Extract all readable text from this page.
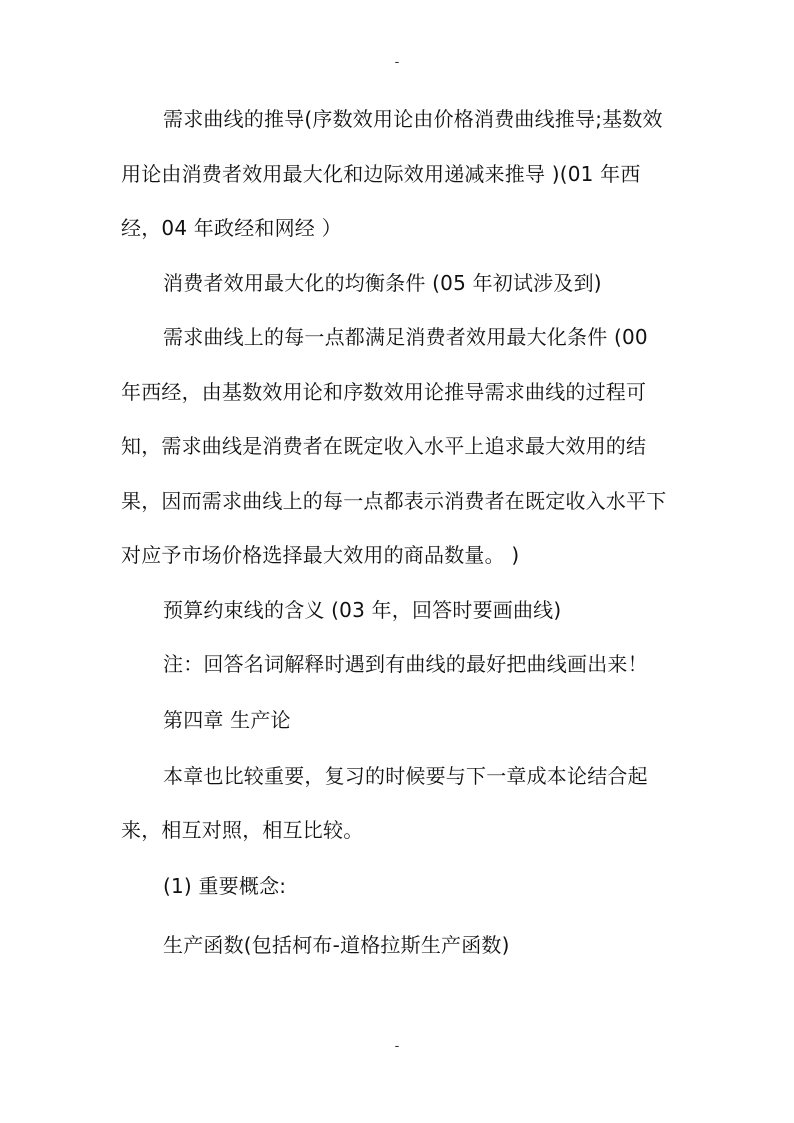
-

需求曲线的推导(序数效用论由价格消费曲线推导;基数效用论由消费者效用最大化和边际效用递减来推导 )(01 年西经，04 年政经和网经 ）

消费者效用最大化的均衡条件 (05 年初试涉及到)

需求曲线上的每一点都满足消费者效用最大化条件 (00 年西经，由基数效用论和序数效用论推导需求曲线的过程可知，需求曲线是消费者在既定收入水平上追求最大效用的结果，因而需求曲线上的每一点都表示消费者在既定收入水平下对应予市场价格选择最大效用的商品数量。 )

预算约束线的含义 (03 年，回答时要画曲线)

注：回答名词解释时遇到有曲线的最好把曲线画出来！

第四章 生产论

本章也比较重要，复习的时候要与下一章成本论结合起来，相互对照，相互比较。

(1) 重要概念:

生产函数(包括柯布-道格拉斯生产函数)

-
